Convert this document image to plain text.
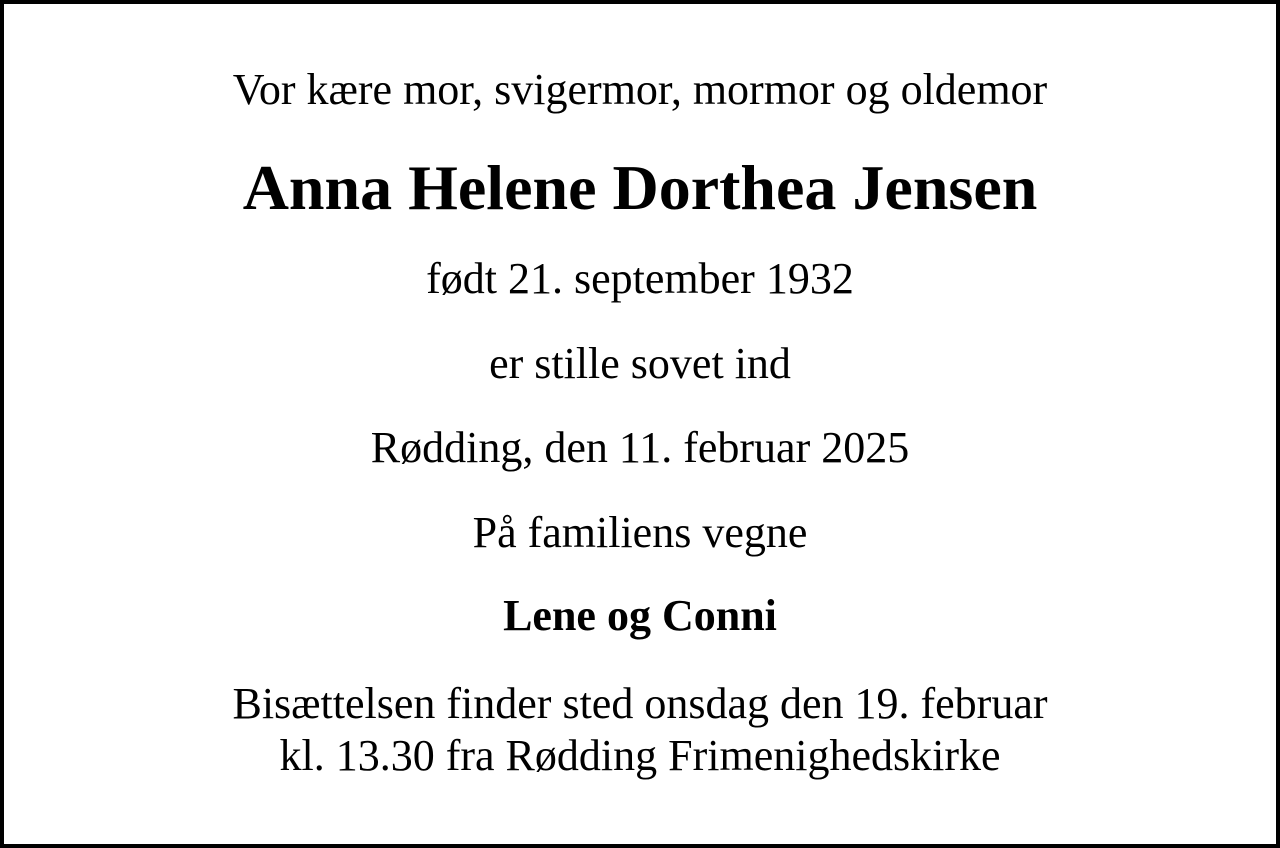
Vor kære mor, svigermor, mormor og oldemor

Anna Helene Dorthea Jensen

født 21. september 1932

er stille sovet ind

Rødding, den 11. februar 2025

På familiens vegne

Lene og Conni

Bisættelsen finder sted onsdag den 19. februar
kl. 13.30 fra Rødding Frimenighedskirke
